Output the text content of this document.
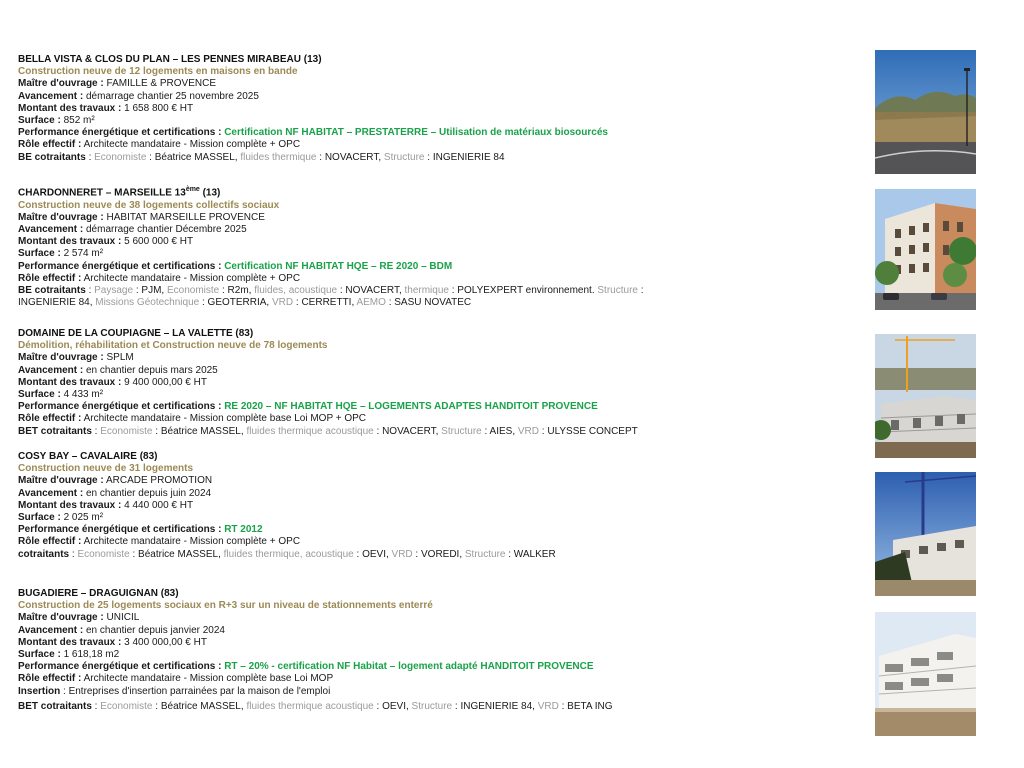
BELLA VISTA & CLOS DU PLAN – LES PENNES MIRABEAU (13)
Construction neuve de 12 logements en maisons en bande
Maître d'ouvrage : FAMILLE & PROVENCE
Avancement : démarrage chantier 25 novembre 2025
Montant des travaux : 1 658 800 € HT
Surface : 852 m²
Performance énergétique et certifications : Certification NF HABITAT – PRESTATERRE – Utilisation de matériaux biosourcés
Rôle effectif : Architecte mandataire - Mission complète + OPC
BE cotraitants : Economiste : Béatrice MASSEL, fluides thermique : NOVACERT, Structure : INGENIERIE 84
CHARDONNERET – MARSEILLE 13ème (13)
Construction neuve de 38 logements collectifs sociaux
Maître d'ouvrage : HABITAT MARSEILLE PROVENCE
Avancement : démarrage chantier Décembre 2025
Montant des travaux : 5 600 000 € HT
Surface : 2 574 m²
Performance énergétique et certifications : Certification NF HABITAT HQE – RE 2020 – BDM
Rôle effectif : Architecte mandataire - Mission complète + OPC
BE cotraitants : Paysage : PJM, Economiste : R2m, fluides, acoustique : NOVACERT, thermique : POLYEXPERT environnement. Structure :
INGENIERIE 84, Missions Géotechnique : GEOTERRIA, VRD : CERRETTI, AEMO : SASU NOVATEC
DOMAINE DE LA COUPIAGNE – LA VALETTE (83)
Démolition, réhabilitation et Construction neuve de 78 logements
Maître d'ouvrage : SPLM
Avancement : en chantier depuis mars 2025
Montant des travaux : 9 400 000,00 € HT
Surface : 4 433 m²
Performance énergétique et certifications : RE 2020 – NF HABITAT HQE – LOGEMENTS ADAPTES HANDITOIT PROVENCE
Rôle effectif : Architecte mandataire - Mission complète base Loi MOP + OPC
BET cotraitants : Economiste : Béatrice MASSEL, fluides thermique acoustique : NOVACERT, Structure : AIES, VRD : ULYSSE CONCEPT
COSY BAY – CAVALAIRE (83)
Construction neuve de 31 logements
Maître d'ouvrage : ARCADE PROMOTION
Avancement : en chantier depuis juin 2024
Montant des travaux : 4 440 000 € HT
Surface : 2 025 m²
Performance énergétique et certifications : RT 2012
Rôle effectif : Architecte mandataire - Mission complète + OPC
cotraitants : Economiste : Béatrice MASSEL, fluides thermique, acoustique : OEVI, VRD : VOREDI, Structure : WALKER
BUGADIERE – DRAGUIGNAN (83)
Construction de 25 logements sociaux en R+3 sur un niveau de stationnements enterré
Maître d'ouvrage : UNICIL
Avancement : en chantier depuis janvier 2024
Montant des travaux : 3 400 000,00 € HT
Surface : 1 618,18 m2
Performance énergétique et certifications : RT – 20% - certification NF Habitat – logement adapté HANDITOIT PROVENCE
Rôle effectif : Architecte mandataire - Mission complète base Loi MOP
Insertion : Entreprises d'insertion parrainées par la maison de l'emploi
BET cotraitants : Economiste : Béatrice MASSEL, fluides thermique acoustique : OEVI, Structure : INGENIERIE 84, VRD : BETA ING
